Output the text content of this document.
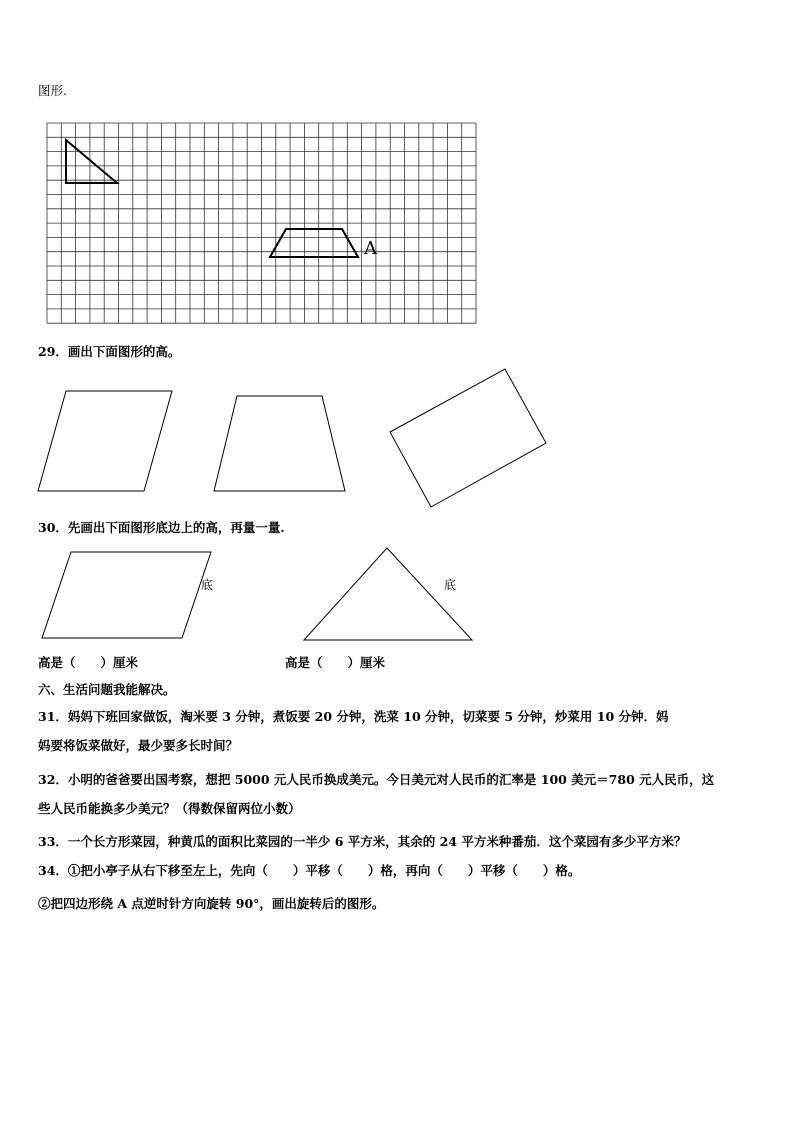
图形.
A
29．画出下面图形的高。
30．先画出下面图形底边上的高，再量一量.
底	底
高是（　　）厘米	高是（　　）厘米
六、生活问题我能解决。
31．妈妈下班回家做饭，淘米要 3 分钟，煮饭要 20 分钟，洗菜 10 分钟，切菜要 5 分钟，炒菜用 10 分钟．妈
妈要将饭菜做好，最少要多长时间？
32．小明的爸爸要出国考察，想把 5000 元人民币换成美元。今日美元对人民币的汇率是 100 美元＝780 元人民币，这
些人民币能换多少美元？（得数保留两位小数）
33．一个长方形菜园，种黄瓜的面积比菜园的一半少 6 平方米，其余的 24 平方米种番茄．这个菜园有多少平方米？
34．①把小亭子从右下移至左上，先向（　　）平移（　　）格，再向（　　）平移（　　）格。
②把四边形绕 A 点逆时针方向旋转 90°，画出旋转后的图形。
